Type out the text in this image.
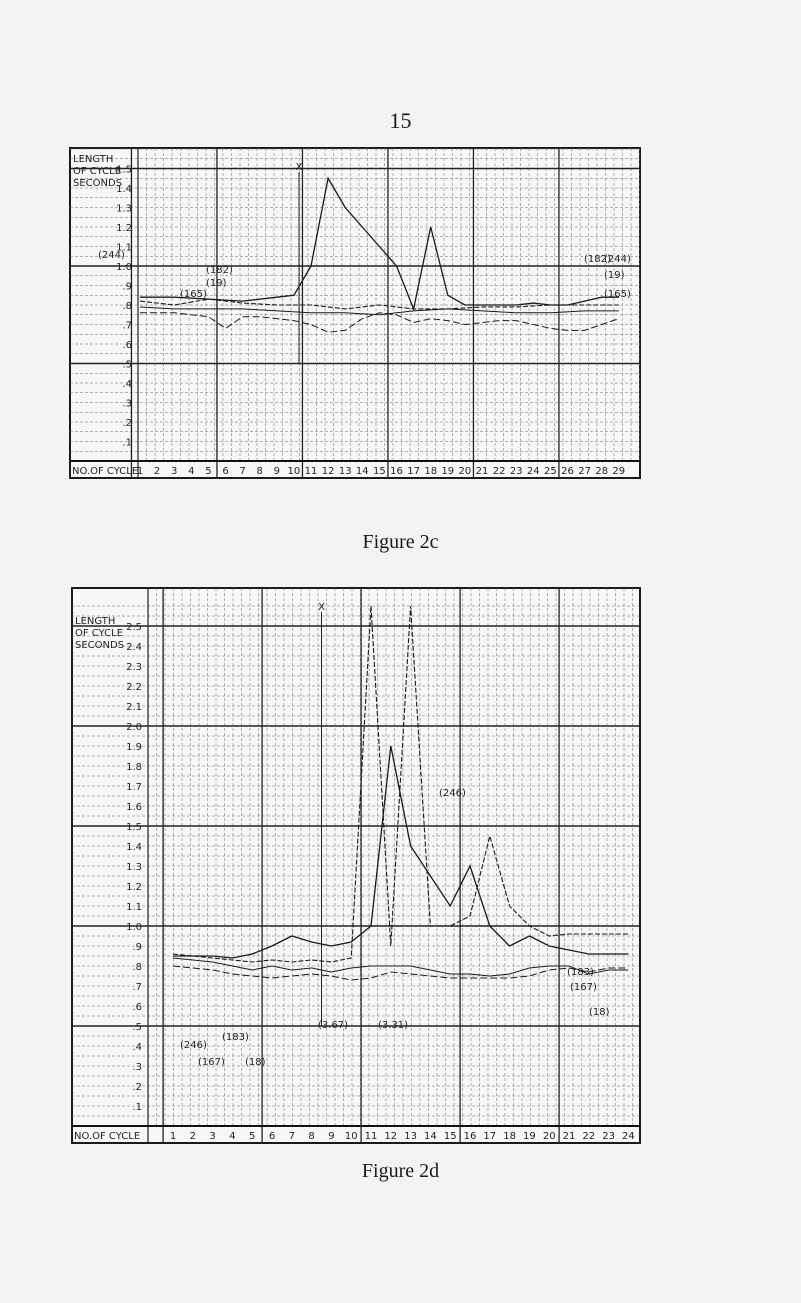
15
LENGTH
OF CYCLE
SECONDS
.1
.2
.3
.4
.5
.6
.7
.8
.9
1.0
1.1
1.2
1.3
1.4
1.5
NO.OF CYCLE
1 2 3 4 5 6 7 8 9 10 11 12 13 14 15 16 17 18 19 20 21 22 23 24 25 26 27 28 29
X
(244)
(182)
(19)
(165)
(182)
(244)
(19)
(165)
LENGTH
OF CYCLE
SECONDS
.1
.2
.3
.4
.5
.6
.7
.8
.9
1.0
1.1
1.2
1.3
1.4
1.5
1.6
1.7
1.8
1.9
2.0
2.1
2.2
2.3
2.4
2.5
NO.OF CYCLE	1 2 3 4 5 6 7 8 9 10 11 12 13 14 15 16 17 18 19 20 21 22 23 24
X
(3.67)	(3.31)
(246)
(183)
(167)
(18)
(246)
(183)
(167) (18)
Figure 2c
Figure 2d
